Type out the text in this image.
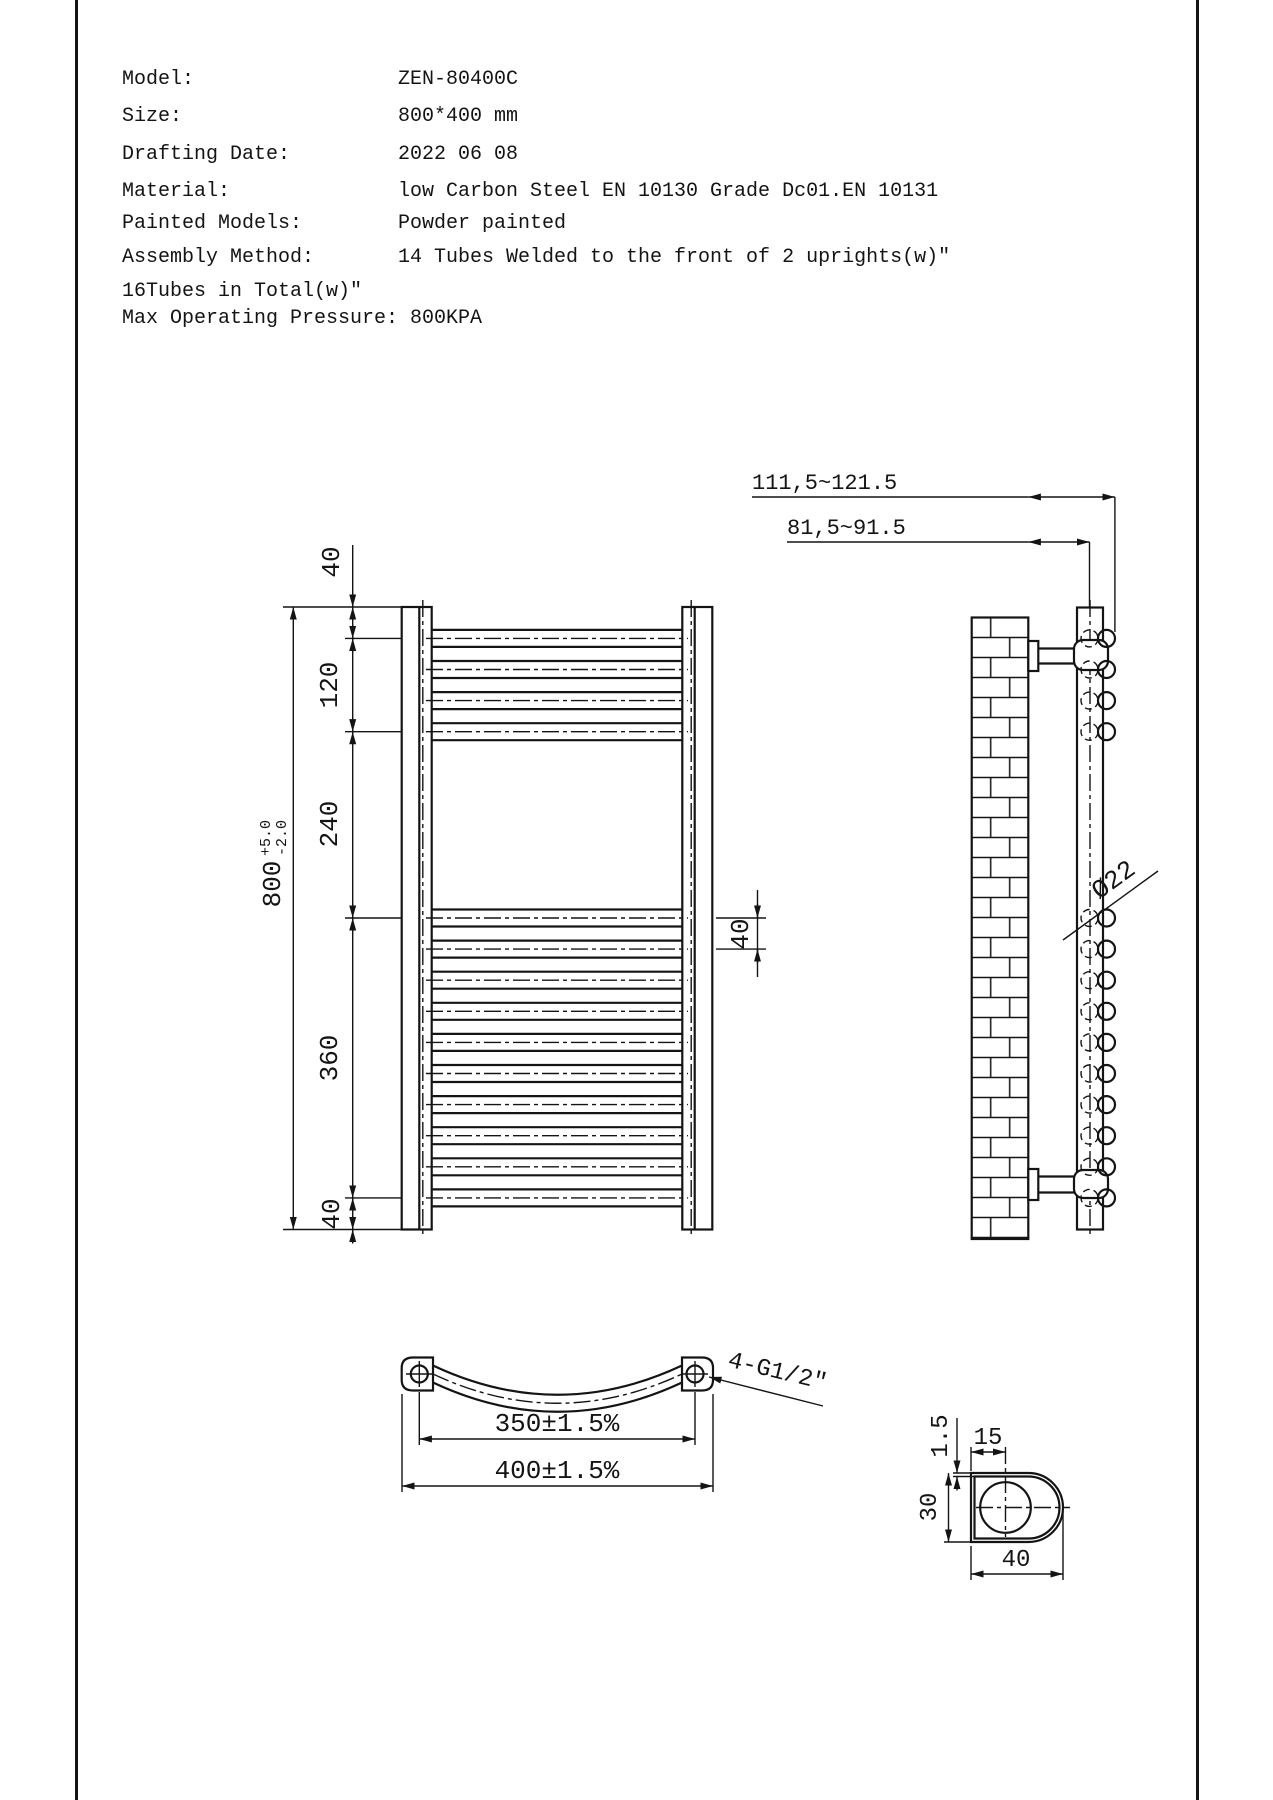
Model:	ZEN-80400C
Size:	800*400 mm
Drafting Date:	2022 06 08
Material:	low Carbon Steel EN 10130 Grade Dc01.EN 10131
Painted Models:	Powder painted
Assembly Method:	14 Tubes Welded to the front of 2 uprights(w)"
16Tubes in Total(w)"
Max Operating Pressure: 800KPA
800
+5.0 -2.0
40
120
240
360
40
40
111,5~121.5
81,5~91.5
Ø22
350±1.5%
400±1.5%
4-G1/2"
15
1.5
30
40
